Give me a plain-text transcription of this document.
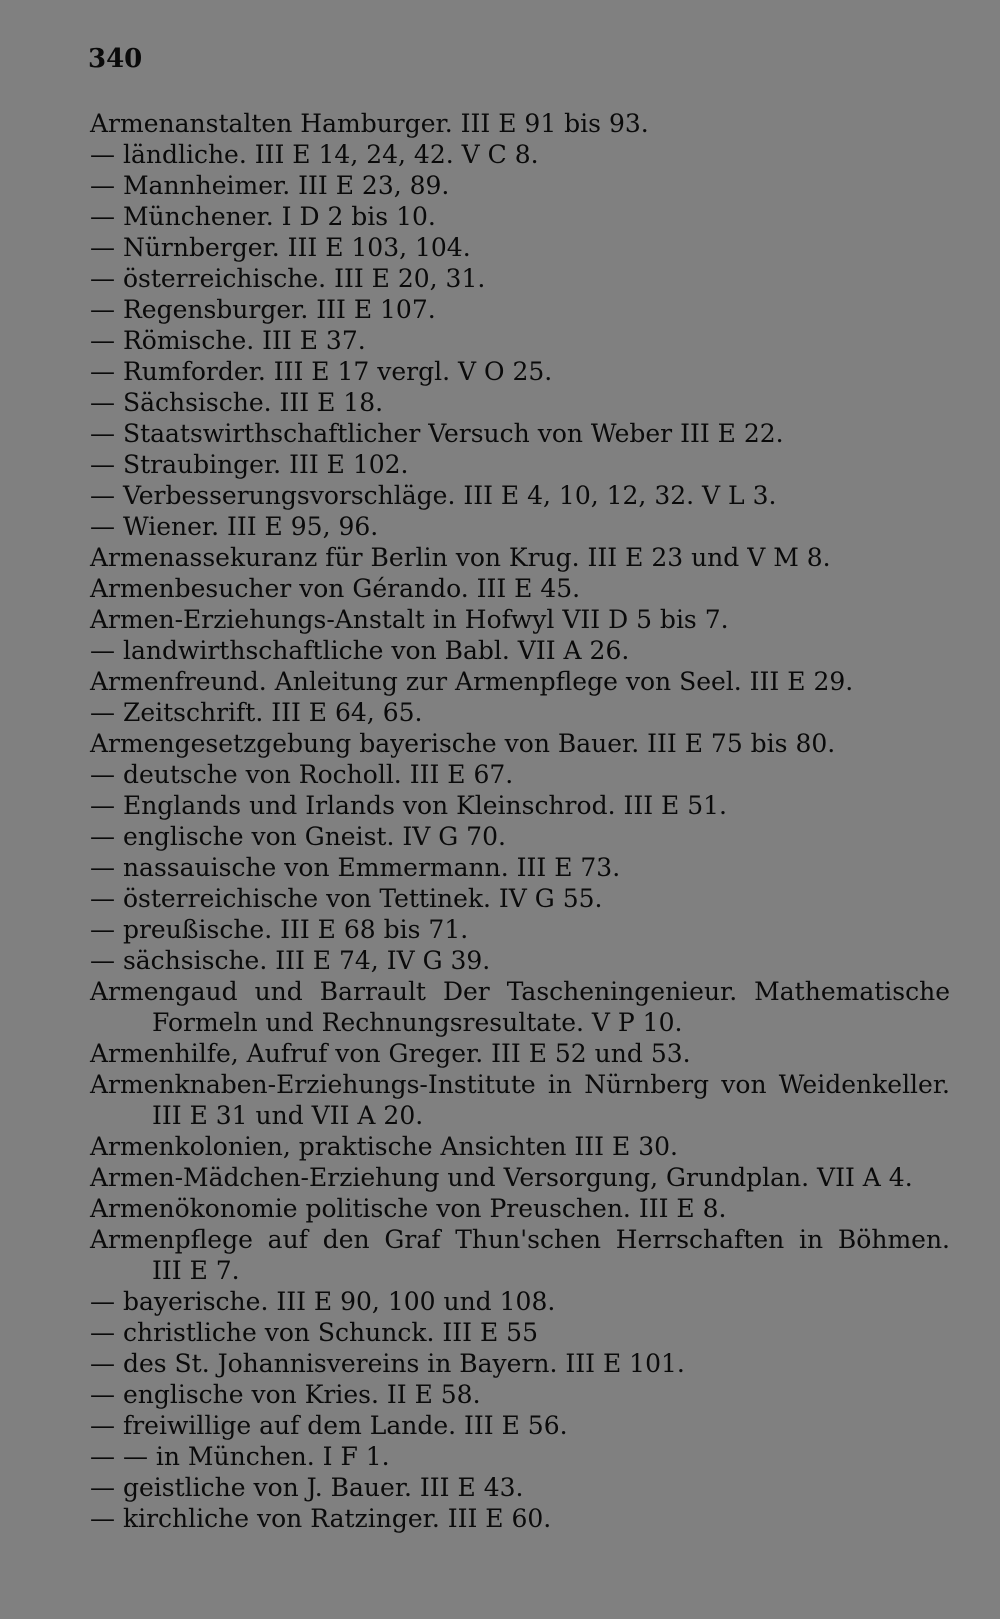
340
Armenanstalten Hamburger. III E 91 bis 93.
— ländliche. III E 14, 24, 42. V C 8.
— Mannheimer. III E 23, 89.
— Münchener. I D 2 bis 10.
— Nürnberger. III E 103, 104.
— österreichische. III E 20, 31.
— Regensburger. III E 107.
— Römische. III E 37.
— Rumforder. III E 17 vergl. V O 25.
— Sächsische. III E 18.
— Staatswirthschaftlicher Versuch von Weber III E 22.
— Straubinger. III E 102.
— Verbesserungsvorschläge. III E 4, 10, 12, 32. V L 3.
— Wiener. III E 95, 96.
Armenassekuranz für Berlin von Krug. III E 23 und V M 8.
Armenbesucher von Gérando. III E 45.
Armen-Erziehungs-Anstalt in Hofwyl VII D 5 bis 7.
— landwirthschaftliche von Babl. VII A 26.
Armenfreund. Anleitung zur Armenpflege von Seel. III E 29.
— Zeitschrift. III E 64, 65.
Armengesetzgebung bayerische von Bauer. III E 75 bis 80.
— deutsche von Rocholl. III E 67.
— Englands und Irlands von Kleinschrod. III E 51.
— englische von Gneist. IV G 70.
— nassauische von Emmermann. III E 73.
— österreichische von Tettinek. IV G 55.
— preußische. III E 68 bis 71.
— sächsische. III E 74, IV G 39.
Armengaud und Barrault Der Tascheningenieur. Mathematische
Formeln und Rechnungsresultate. V P 10.
Armenhilfe, Aufruf von Greger. III E 52 und 53.
Armenknaben-Erziehungs-Institute in Nürnberg von Weidenkeller.
III E 31 und VII A 20.
Armenkolonien, praktische Ansichten III E 30.
Armen-Mädchen-Erziehung und Versorgung, Grundplan. VII A 4.
Armenökonomie politische von Preuschen. III E 8.
Armenpflege auf den Graf Thun'schen Herrschaften in Böhmen.
III E 7.
— bayerische. III E 90, 100 und 108.
— christliche von Schunck. III E 55
— des St. Johannisvereins in Bayern. III E 101.
— englische von Kries. II E 58.
— freiwillige auf dem Lande. III E 56.
— — in München. I F 1.
— geistliche von J. Bauer. III E 43.
— kirchliche von Ratzinger. III E 60.
